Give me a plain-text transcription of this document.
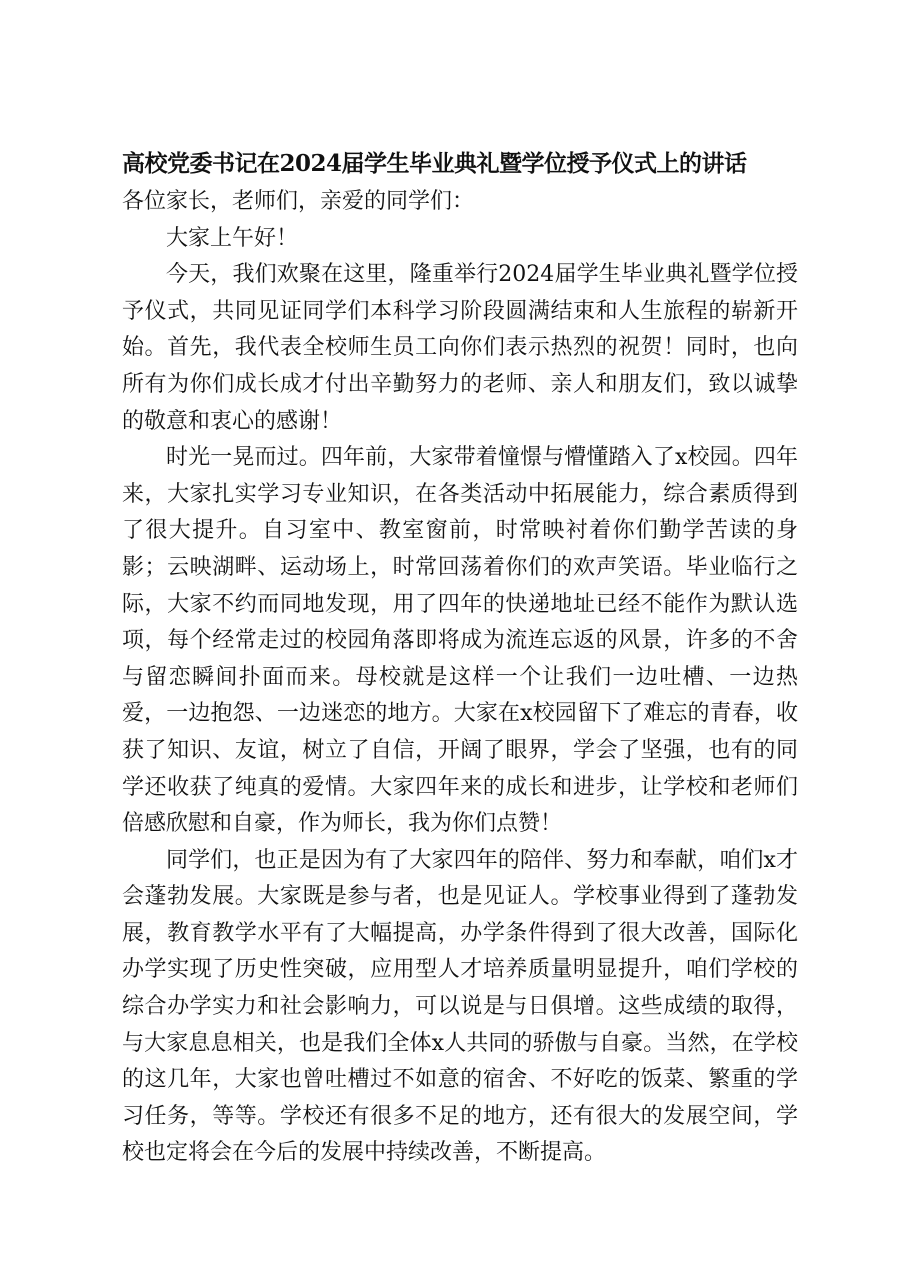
高校党委书记在2024届学生毕业典礼暨学位授予仪式上的讲话

各位家长，老师们，亲爱的同学们：

大家上午好！

今天，我们欢聚在这里，隆重举行2024届学生毕业典礼暨学位授予仪式，共同见证同学们本科学习阶段圆满结束和人生旅程的崭新开始。首先，我代表全校师生员工向你们表示热烈的祝贺！同时，也向所有为你们成长成才付出辛勤努力的老师、亲人和朋友们，致以诚挚的敬意和衷心的感谢！

时光一晃而过。四年前，大家带着憧憬与懵懂踏入了x校园。四年来，大家扎实学习专业知识，在各类活动中拓展能力，综合素质得到了很大提升。自习室中、教室窗前，时常映衬着你们勤学苦读的身影；云映湖畔、运动场上，时常回荡着你们的欢声笑语。毕业临行之际，大家不约而同地发现，用了四年的快递地址已经不能作为默认选项，每个经常走过的校园角落即将成为流连忘返的风景，许多的不舍与留恋瞬间扑面而来。母校就是这样一个让我们一边吐槽、一边热爱，一边抱怨、一边迷恋的地方。大家在x校园留下了难忘的青春，收获了知识、友谊，树立了自信，开阔了眼界，学会了坚强，也有的同学还收获了纯真的爱情。大家四年来的成长和进步，让学校和老师们倍感欣慰和自豪，作为师长，我为你们点赞！

同学们，也正是因为有了大家四年的陪伴、努力和奉献，咱们x才会蓬勃发展。大家既是参与者，也是见证人。学校事业得到了蓬勃发展，教育教学水平有了大幅提高，办学条件得到了很大改善，国际化办学实现了历史性突破，应用型人才培养质量明显提升，咱们学校的综合办学实力和社会影响力，可以说是与日俱增。这些成绩的取得，与大家息息相关，也是我们全体x人共同的骄傲与自豪。当然，在学校的这几年，大家也曾吐槽过不如意的宿舍、不好吃的饭菜、繁重的学习任务，等等。学校还有很多不足的地方，还有很大的发展空间，学校也定将会在今后的发展中持续改善，不断提高。
